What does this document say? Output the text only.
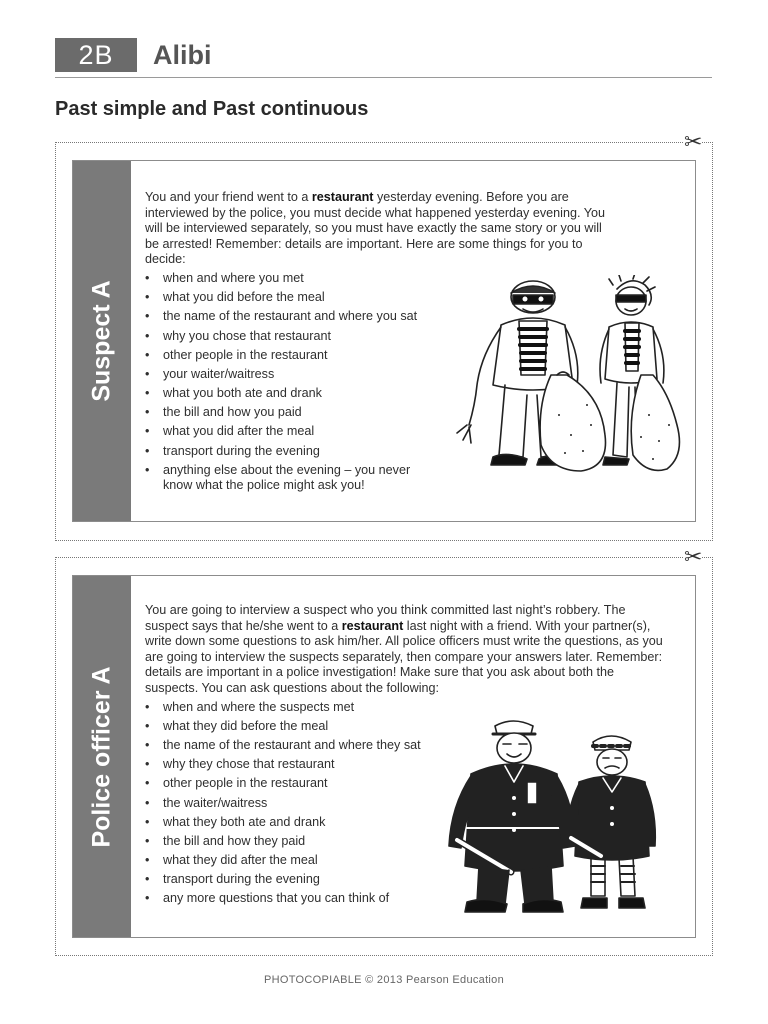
2B	Alibi
Past simple and Past continuous
✂
Suspect A
You and your friend went to a restaurant yesterday evening. Before you are interviewed by the police, you must decide what happened yesterday evening. You will be interviewed separately, so you must have exactly the same story or you will be arrested! Remember: details are important. Here are some things for you to decide:
• when and where you met
• what you did before the meal
• the name of the restaurant and where you sat
• why you chose that restaurant
• other people in the restaurant
• your waiter/waitress
• what you both ate and drank
• the bill and how you paid
• what you did after the meal
• transport during the evening
• anything else about the evening – you never know what the police might ask you!
✂
Police officer A
You are going to interview a suspect who you think committed last night’s robbery. The suspect says that he/she went to a restaurant last night with a friend. With your partner(s), write down some questions to ask him/her. All police officers must write the questions, as you are going to interview the suspects separately, then compare your answers later. Remember: details are important in a police investigation! Make sure that you ask about both the suspects. You can ask questions about the following:
• when and where the suspects met
• what they did before the meal
• the name of the restaurant and where they sat
• why they chose that restaurant
• other people in the restaurant
• the waiter/waitress
• what they both ate and drank
• the bill and how they paid
• what they did after the meal
• transport during the evening
• any more questions that you can think of
PHOTOCOPIABLE © 2013 Pearson Education
